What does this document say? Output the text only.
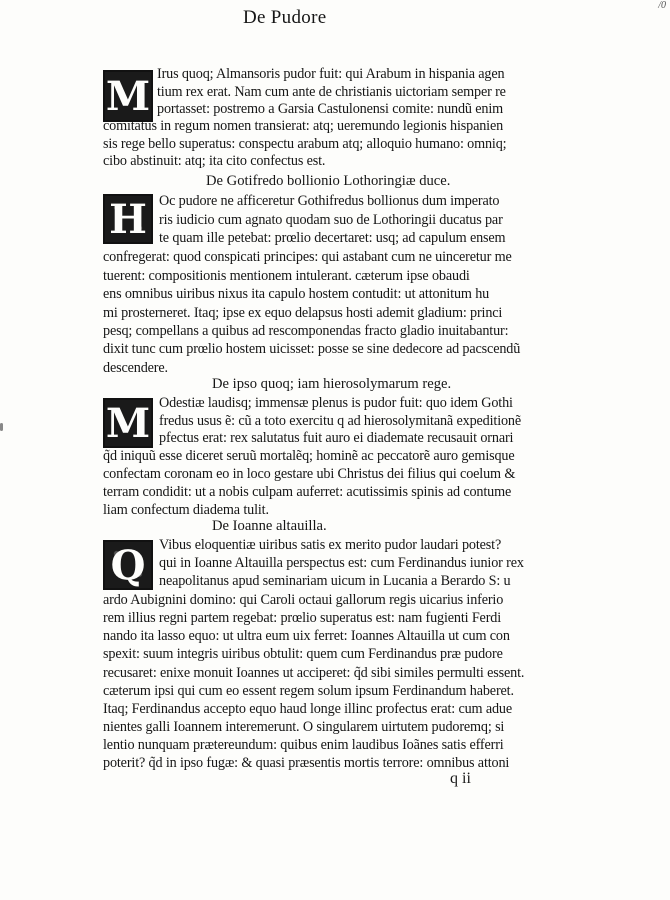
De Pudore
/0
M Irus quoq; Almansoris pudor fuit: qui Arabum in hispania agen
tium rex erat. Nam cum ante de christianis uictoriam semper re
portasset: postremo a Garsia Castulonensi comite: nundũ enim
comitatus in regum nomen transierat: atq; ueremundo legionis hispanien
sis rege bello superatus: conspectu arabum atq; alloquio humano: omniq;
cibo abstinuit: atq; ita cito confectus est.
De Gotifredo bollionio Lothoringiæ duce.
H Oc pudore ne afficeretur Gothifredus bollionus dum imperato
ris iudicio cum agnato quodam suo de Lothoringii ducatus par
te quam ille petebat: prœlio decertaret: usq; ad capulum ensem
confregerat: quod conspicati principes: qui astabant cum ne uinceretur me
tuerent: compositionis mentionem intulerant. cæterum ipse obaudi
ens omnibus uiribus nixus ita capulo hostem contudit: ut attonitum hu
mi prosterneret. Itaq; ipse ex equo delapsus hosti ademit gladium: princi
pesq; compellans a quibus ad rescomponendas fracto gladio inuitabantur:
dixit tunc cum prœlio hostem uicisset: posse se sine dedecore ad pacscendũ
descendere.
De ipso quoq; iam hierosolymarum rege.
M Odestiæ laudisq; immensæ plenus is pudor fuit: quo idem Gothi
fredus usus ẽ: cũ a toto exercitu q ad hierosolymitanã expeditionẽ
pfectus erat: rex salutatus fuit auro ei diademate recusauit ornari
q̃d iniquũ esse diceret seruũ mortalẽq; hominẽ ac peccatorẽ auro gemisque
confectam coronam eo in loco gestare ubi Christus dei filius qui coelum &
terram condidit: ut a nobis culpam auferret: acutissimis spinis ad contume
liam confectum diadema tulit.
De Ioanne altauilla.
Q Vibus eloquentiæ uiribus satis ex merito pudor laudari potest?
qui in Ioanne Altauilla perspectus est: cum Ferdinandus iunior rex
neapolitanus apud seminariam uicum in Lucania a Berardo S: u
ardo Aubignini domino: qui Caroli octaui gallorum regis uicarius inferio
rem illius regni partem regebat: prœlio superatus est: nam fugienti Ferdi
nando ita lasso equo: ut ultra eum uix ferret: Ioannes Altauilla ut cum con
spexit: suum integris uiribus obtulit: quem cum Ferdinandus præ pudore
recusaret: enixe monuit Ioannes ut acciperet: q̃d sibi similes permulti essent.
cæterum ipsi qui cum eo essent regem solum ipsum Ferdinandum haberet.
Itaq; Ferdinandus accepto equo haud longe illinc profectus erat: cum adue
nientes galli Ioannem interemerunt. O singularem uirtutem pudoremq; si
lentio nunquam prætereundum: quibus enim laudibus Ioãnes satis efferri
poterit? q̃d in ipso fugæ: & quasi præsentis mortis terrore: omnibus attoni
q ii
